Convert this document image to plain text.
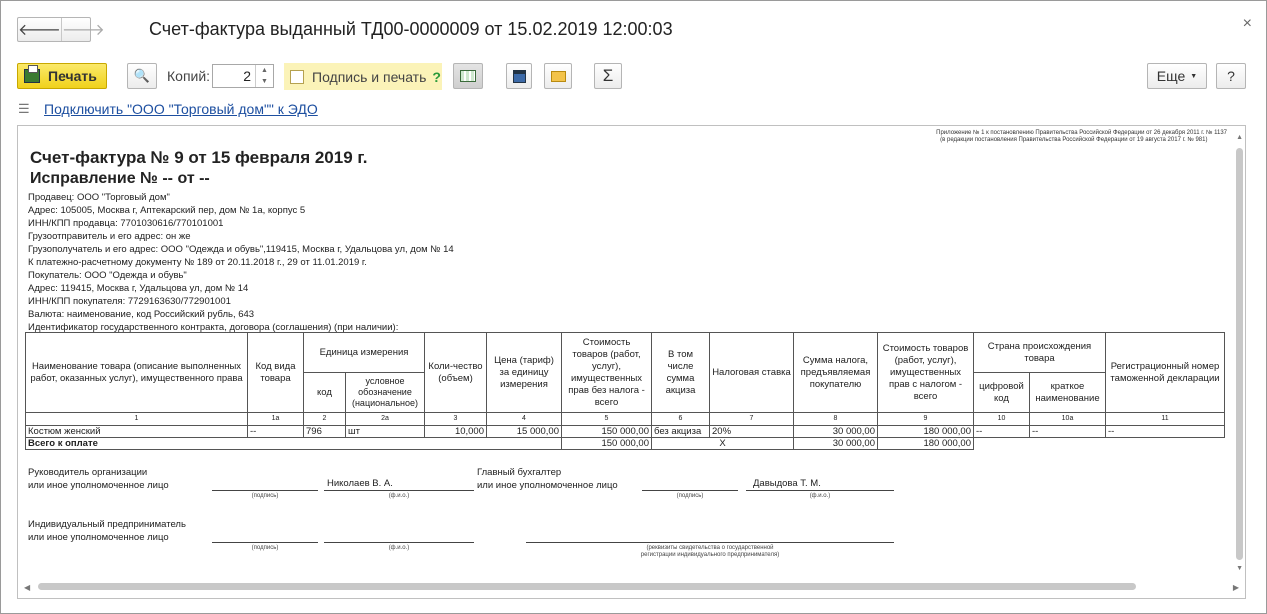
🡐 🡒 Счет-фактура выданный ТД00-0000009 от 15.02.2019 12:00:03	×
Печать	🔍 Копий:	2	▲
▼	Подпись и печать ?	Σ	Еще ▼ ?
☰ Подключить "ООО "Торговый дом"" к ЭДО
Приложение № 1 к постановлению Правительства Российской Федерации от 26 декабря 2011 г. № 1137
(в редакции постановления Правительства Российской Федерации от 19 августа 2017 г. № 981)
Счет-фактура № 9 от 15 февраля 2019 г.
Исправление № -- от --
Продавец: ООО "Торговый дом"
Адрес: 105005, Москва г, Аптекарский пер, дом № 1а, корпус 5
ИНН/КПП продавца: 7701030616/770101001
Грузоотправитель и его адрес: он же
Грузополучатель и его адрес: ООО "Одежда и обувь",119415, Москва г, Удальцова ул, дом № 14
К платежно-расчетному документу № 189 от 20.11.2018 г., 29 от 11.01.2019 г.
Покупатель: ООО "Одежда и обувь"
Адрес: 119415, Москва г, Удальцова ул, дом № 14
ИНН/КПП покупателя: 7729163630/772901001
Валюта: наименование, код Российский рубль, 643
Идентификатор государственного контракта, договора (соглашения) (при наличии):
Наименование товара (описание выполненных работ, оказанных услуг), имущественного права	Код вида товара	Единица измерения		Коли-чество (объем)	Цена (тариф) за единицу измерения	Стоимость товаров (работ, услуг), имущественных прав без налога - всего	В том числе сумма акциза	Налоговая ставка	Сумма налога, предъявляемая покупателю	Стоимость товаров (работ, услуг), имущественных прав с налогом - всего	Страна происхождения товара		Регистрационный номер таможенной декларации
		код	условное обозначение (национальное)								цифровой код	краткое наименование	
1	1а	2	2а	3	4	5	6	7	8	9	10	10а	11
Костюм женский	--	796	шт	10,000	15 000,00	150 000,00	без акциза	20%	30 000,00	180 000,00	--	--	--
Всего к оплате						150 000,00	X		30 000,00	180 000,00			
Руководитель организации
или иное уполномоченное лицо
(подпись)
Николаев В. А.
(ф.и.о.)
Главный бухгалтер
или иное уполномоченное лицо
(подпись)
Давыдова Т. М.
(ф.и.о.)
Индивидуальный предприниматель
или иное уполномоченное лицо
(подпись)	(ф.и.о.)	(реквизиты свидетельства о государственной
регистрации индивидуального предпринимателя)
▲
▼
◀	▶
